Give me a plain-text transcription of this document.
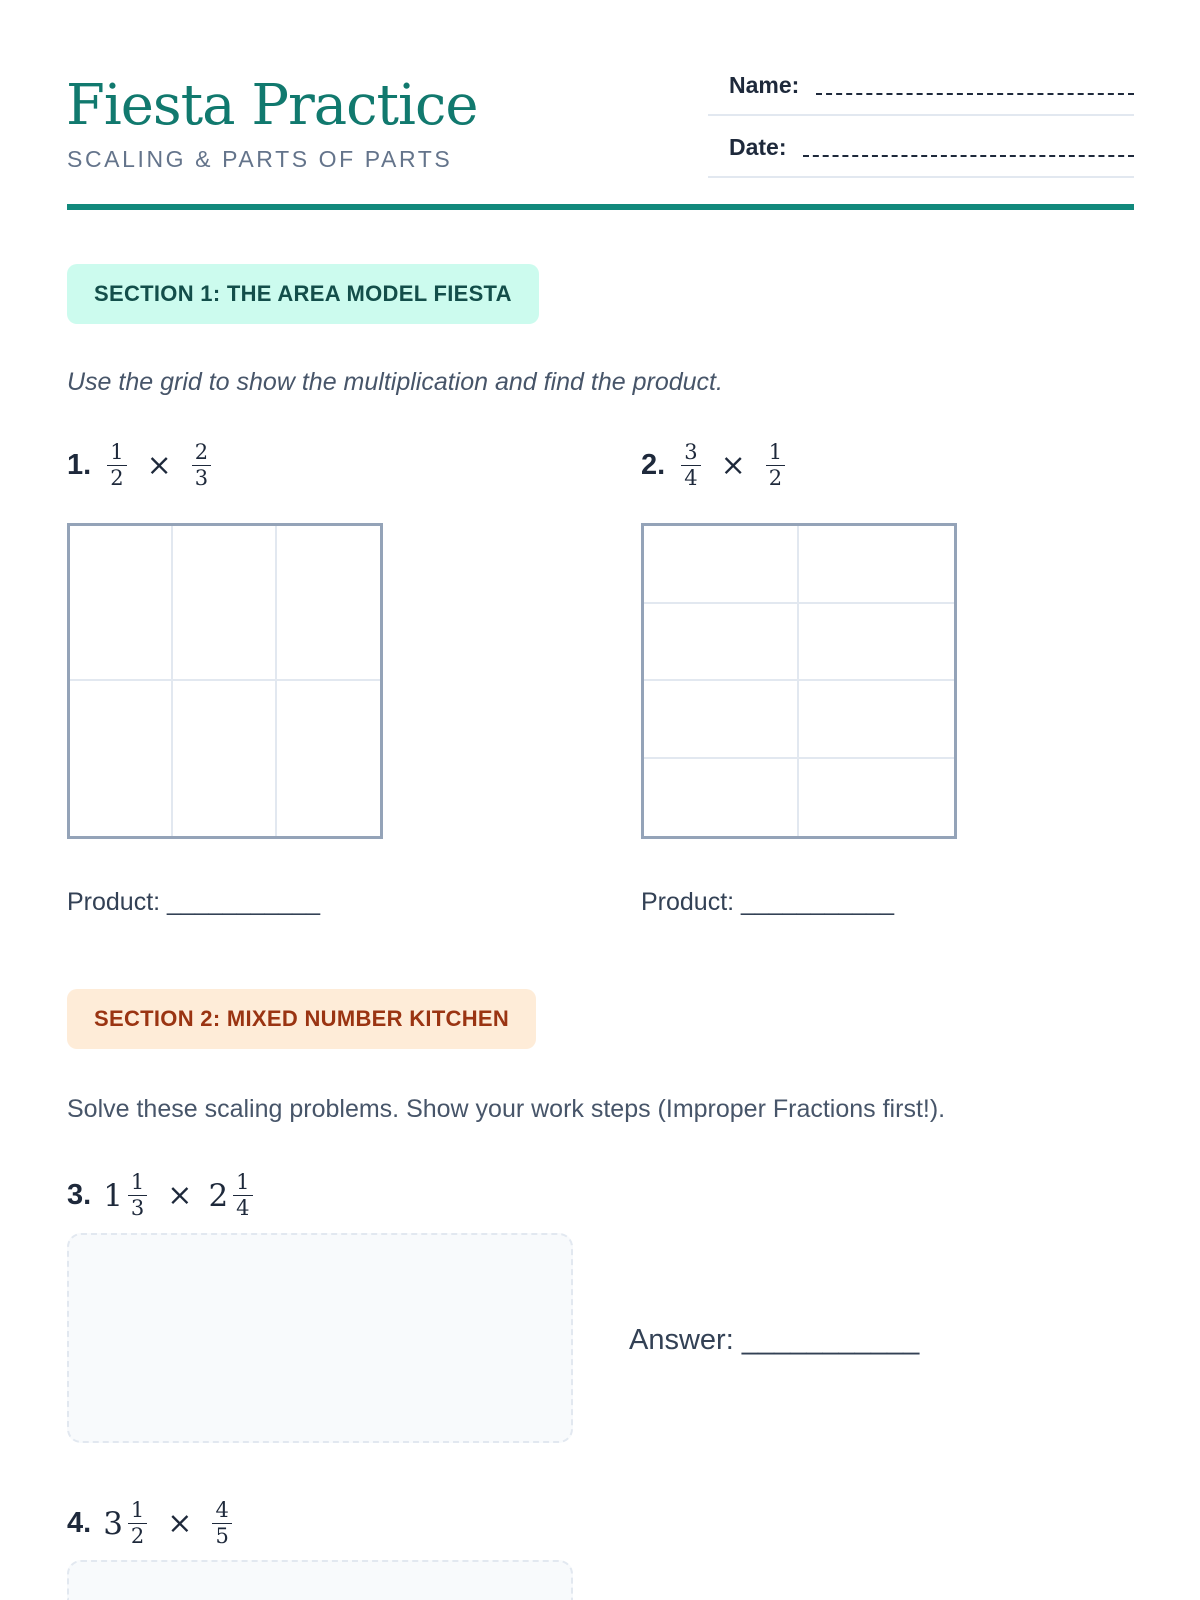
Fiesta Practice
SCALING & PARTS OF PARTS
Name:
Date:
SECTION 1: THE AREA MODEL FIESTA
Use the grid to show the multiplication and find the product.
1. $\frac{1}{2} \times \frac{2}{3}$	2. $\frac{3}{4} \times \frac{1}{2}$
Product: ___________	Product: ___________
SECTION 2: MIXED NUMBER KITCHEN
Solve these scaling problems. Show your work steps (Improper Fractions first!).
3. $1 \frac{1}{3} \times 2 \frac{1}{4}$
Answer: ___________
4. $3 \frac{1}{2} \times \frac{4}{5}$
